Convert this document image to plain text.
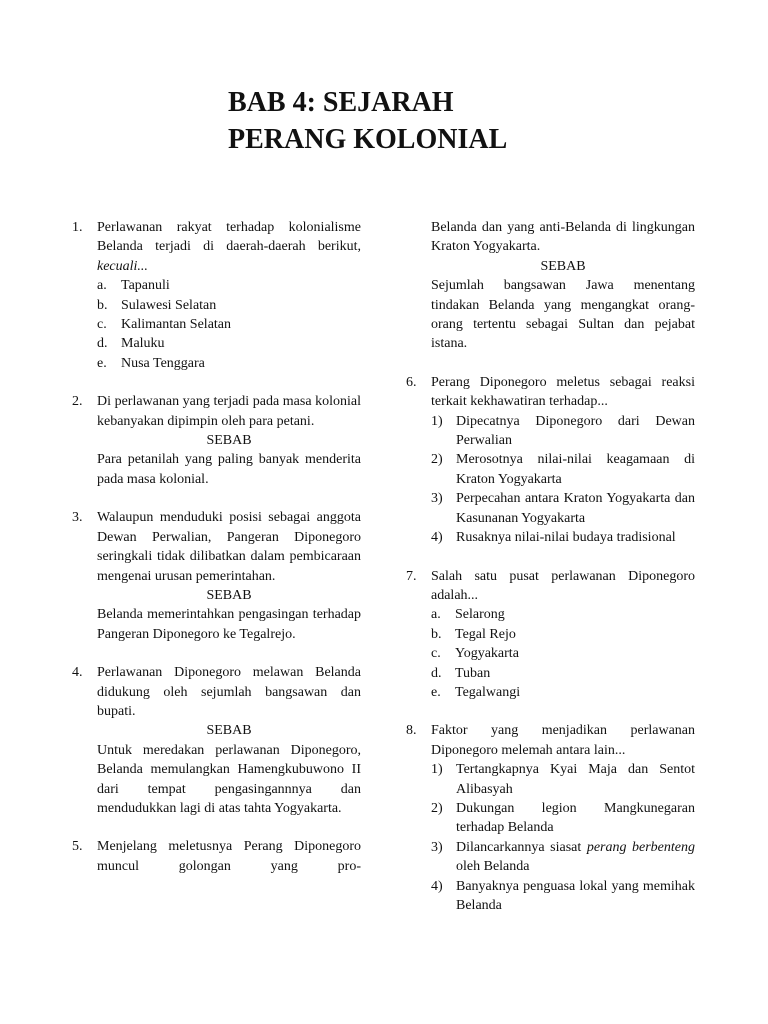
BAB 4: SEJARAH
PERANG KOLONIAL
1.	Perlawanan rakyat terhadap kolonialisme Belanda terjadi di daerah-daerah berikut, kecuali...
a.	Tapanuli
b. Sulawesi Selatan
c.	Kalimantan Selatan
d. Maluku
e.	Nusa Tenggara
2.	Di perlawanan yang terjadi pada masa kolonial kebanyakan dipimpin oleh para petani.
SEBAB
Para petanilah yang paling banyak menderita pada masa kolonial.
3.	Walaupun menduduki posisi sebagai anggota Dewan Perwalian, Pangeran Diponegoro seringkali tidak dilibatkan dalam pembicaraan mengenai urusan pemerintahan.
SEBAB
Belanda memerintahkan pengasingan terhadap Pangeran Diponegoro ke Tegalrejo.
4.	Perlawanan Diponegoro melawan Belanda didukung oleh sejumlah bangsawan dan bupati.
SEBAB
Untuk meredakan perlawanan Diponegoro, Belanda memulangkan Hamengkubuwono II dari tempat pengasingannnya dan mendudukkan lagi di atas tahta Yogyakarta.
5.	Menjelang meletusnya Perang Diponegoro muncul golongan yang pro-
Belanda dan yang anti-Belanda di lingkungan Kraton Yogyakarta.
SEBAB
Sejumlah bangsawan Jawa menentang tindakan Belanda yang mengangkat orang-orang tertentu sebagai Sultan dan pejabat istana.
6.	Perang Diponegoro meletus sebagai reaksi terkait kekhawatiran terhadap...
1) Dipecatnya Diponegoro dari Dewan Perwalian
2) Merosotnya nilai-nilai keagamaan di Kraton Yogyakarta
3) Perpecahan antara Kraton Yogyakarta dan Kasunanan Yogyakarta
4) Rusaknya nilai-nilai budaya tradisional
7.	Salah satu pusat perlawanan Diponegoro adalah...
a.	Selarong
b. Tegal Rejo
c.	Yogyakarta
d. Tuban
e.	Tegalwangi
8.	Faktor yang menjadikan perlawanan Diponegoro melemah antara lain...
1) Tertangkapnya Kyai Maja dan Sentot Alibasyah
2) Dukungan legion Mangkunegaran terhadap Belanda
3) Dilancarkannya siasat perang berbenteng oleh Belanda
4) Banyaknya penguasa lokal yang memihak Belanda
